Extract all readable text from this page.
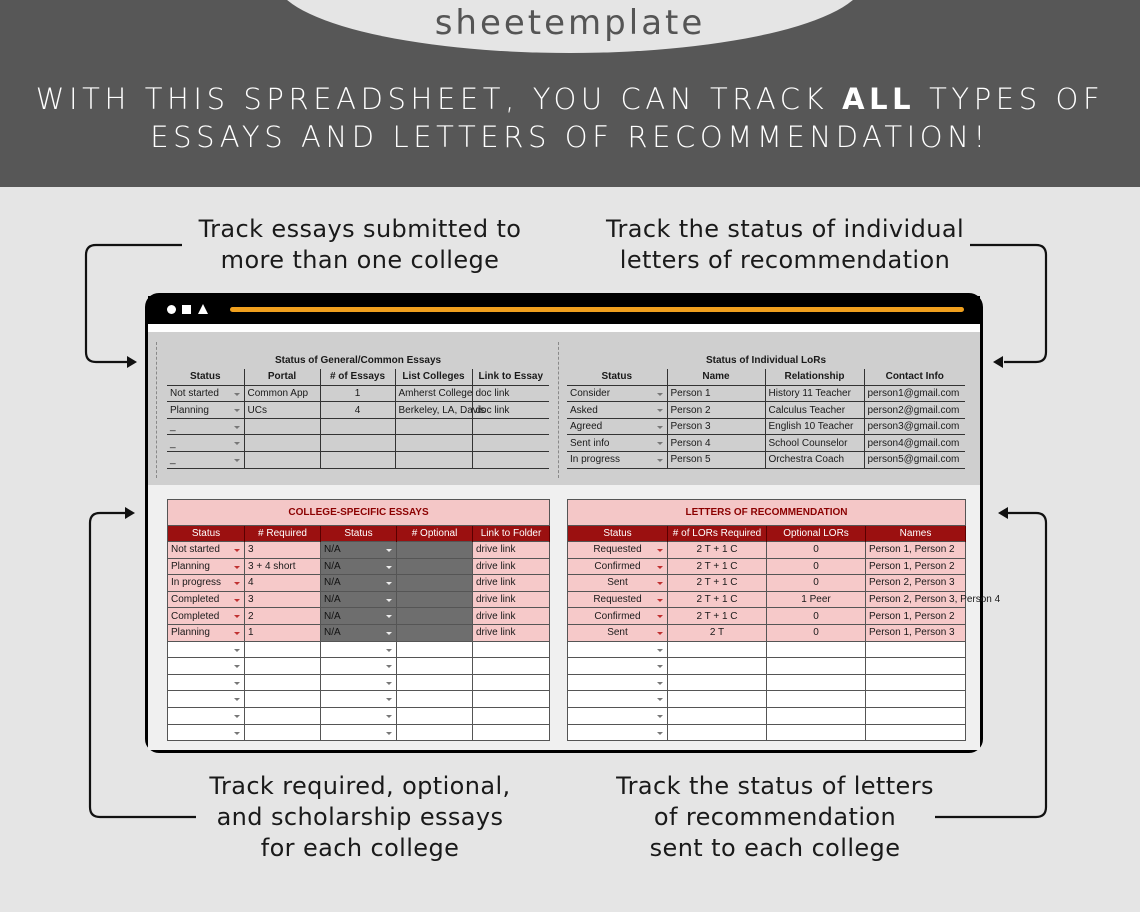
sheetemplate
WITH THIS SPREADSHEET, YOU CAN TRACK ALL TYPES OF ESSAYS AND LETTERS OF RECOMMENDATION!
Track essays submitted to
more than one college
Track the status of individual
letters of recommendation
Track required, optional,
and scholarship essays
for each college
Track the status of letters
of recommendation
sent to each college
Status of General/Common Essays				
Status	Portal	# of Essays	List Colleges	Link to Essay
Not started	Common App	1	Amherst College	doc link
Planning	UCs	4	Berkeley, LA, Davis	doc link
_				
_				
_				
Status of Individual LoRs			
Status	Name	Relationship	Contact Info
Consider	Person 1	History 11 Teacher	person1@gmail.com
Asked	Person 2	Calculus Teacher	person2@gmail.com
Agreed	Person 3	English 10 Teacher	person3@gmail.com
Sent info	Person 4	School Counselor	person4@gmail.com
In progress	Person 5	Orchestra Coach	person5@gmail.com
COLLEGE-SPECIFIC ESSAYS				
Status	# Required	Status	# Optional	Link to Folder
Not started	3	N/A		drive link
Planning	3 + 4 short	N/A		drive link
In progress	4	N/A		drive link
Completed	3	N/A		drive link
Completed	2	N/A		drive link
Planning	1	N/A		drive link

LETTERS OF RECOMMENDATION			
Status	# of LORs Required	Optional LORs	Names
Requested	2 T + 1 C	0	Person 1, Person 2
Confirmed	2 T + 1 C	0	Person 1, Person 2
Sent	2 T + 1 C	0	Person 2, Person 3
Requested	2 T + 1 C	1 Peer	Person 2, Person 3, Person 4
Confirmed	2 T + 1 C	0	Person 1, Person 2
Sent	2 T	0	Person 1, Person 3
